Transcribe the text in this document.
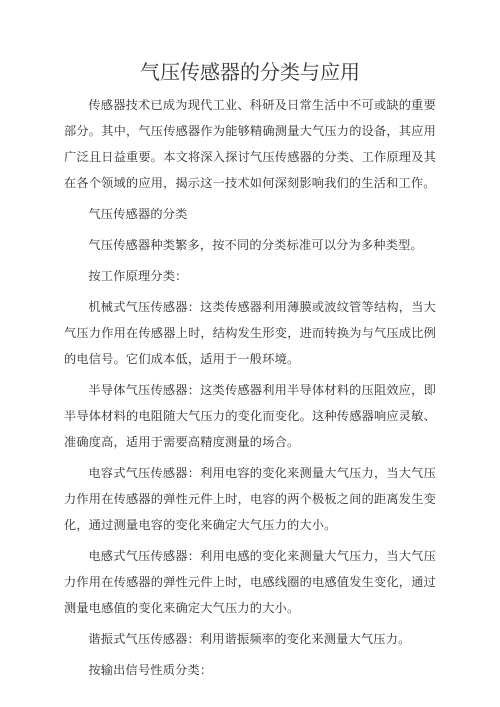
气压传感器的分类与应用

传感器技术已成为现代工业、科研及日常生活中不可或缺的重要部分。其中，气压传感器作为能够精确测量大气压力的设备，其应用广泛且日益重要。本文将深入探讨气压传感器的分类、工作原理及其在各个领域的应用，揭示这一技术如何深刻影响我们的生活和工作。

气压传感器的分类

气压传感器种类繁多，按不同的分类标准可以分为多种类型。

按工作原理分类：

机械式气压传感器：这类传感器利用薄膜或波纹管等结构，当大气压力作用在传感器上时，结构发生形变，进而转换为与气压成比例的电信号。它们成本低，适用于一般环境。

半导体气压传感器：这类传感器利用半导体材料的压阻效应，即半导体材料的电阻随大气压力的变化而变化。这种传感器响应灵敏、准确度高，适用于需要高精度测量的场合。

电容式气压传感器：利用电容的变化来测量大气压力，当大气压力作用在传感器的弹性元件上时，电容的两个极板之间的距离发生变化，通过测量电容的变化来确定大气压力的大小。

电感式气压传感器：利用电感的变化来测量大气压力，当大气压力作用在传感器的弹性元件上时，电感线圈的电感值发生变化，通过测量电感值的变化来确定大气压力的大小。

谐振式气压传感器：利用谐振频率的变化来测量大气压力。

按输出信号性质分类：
